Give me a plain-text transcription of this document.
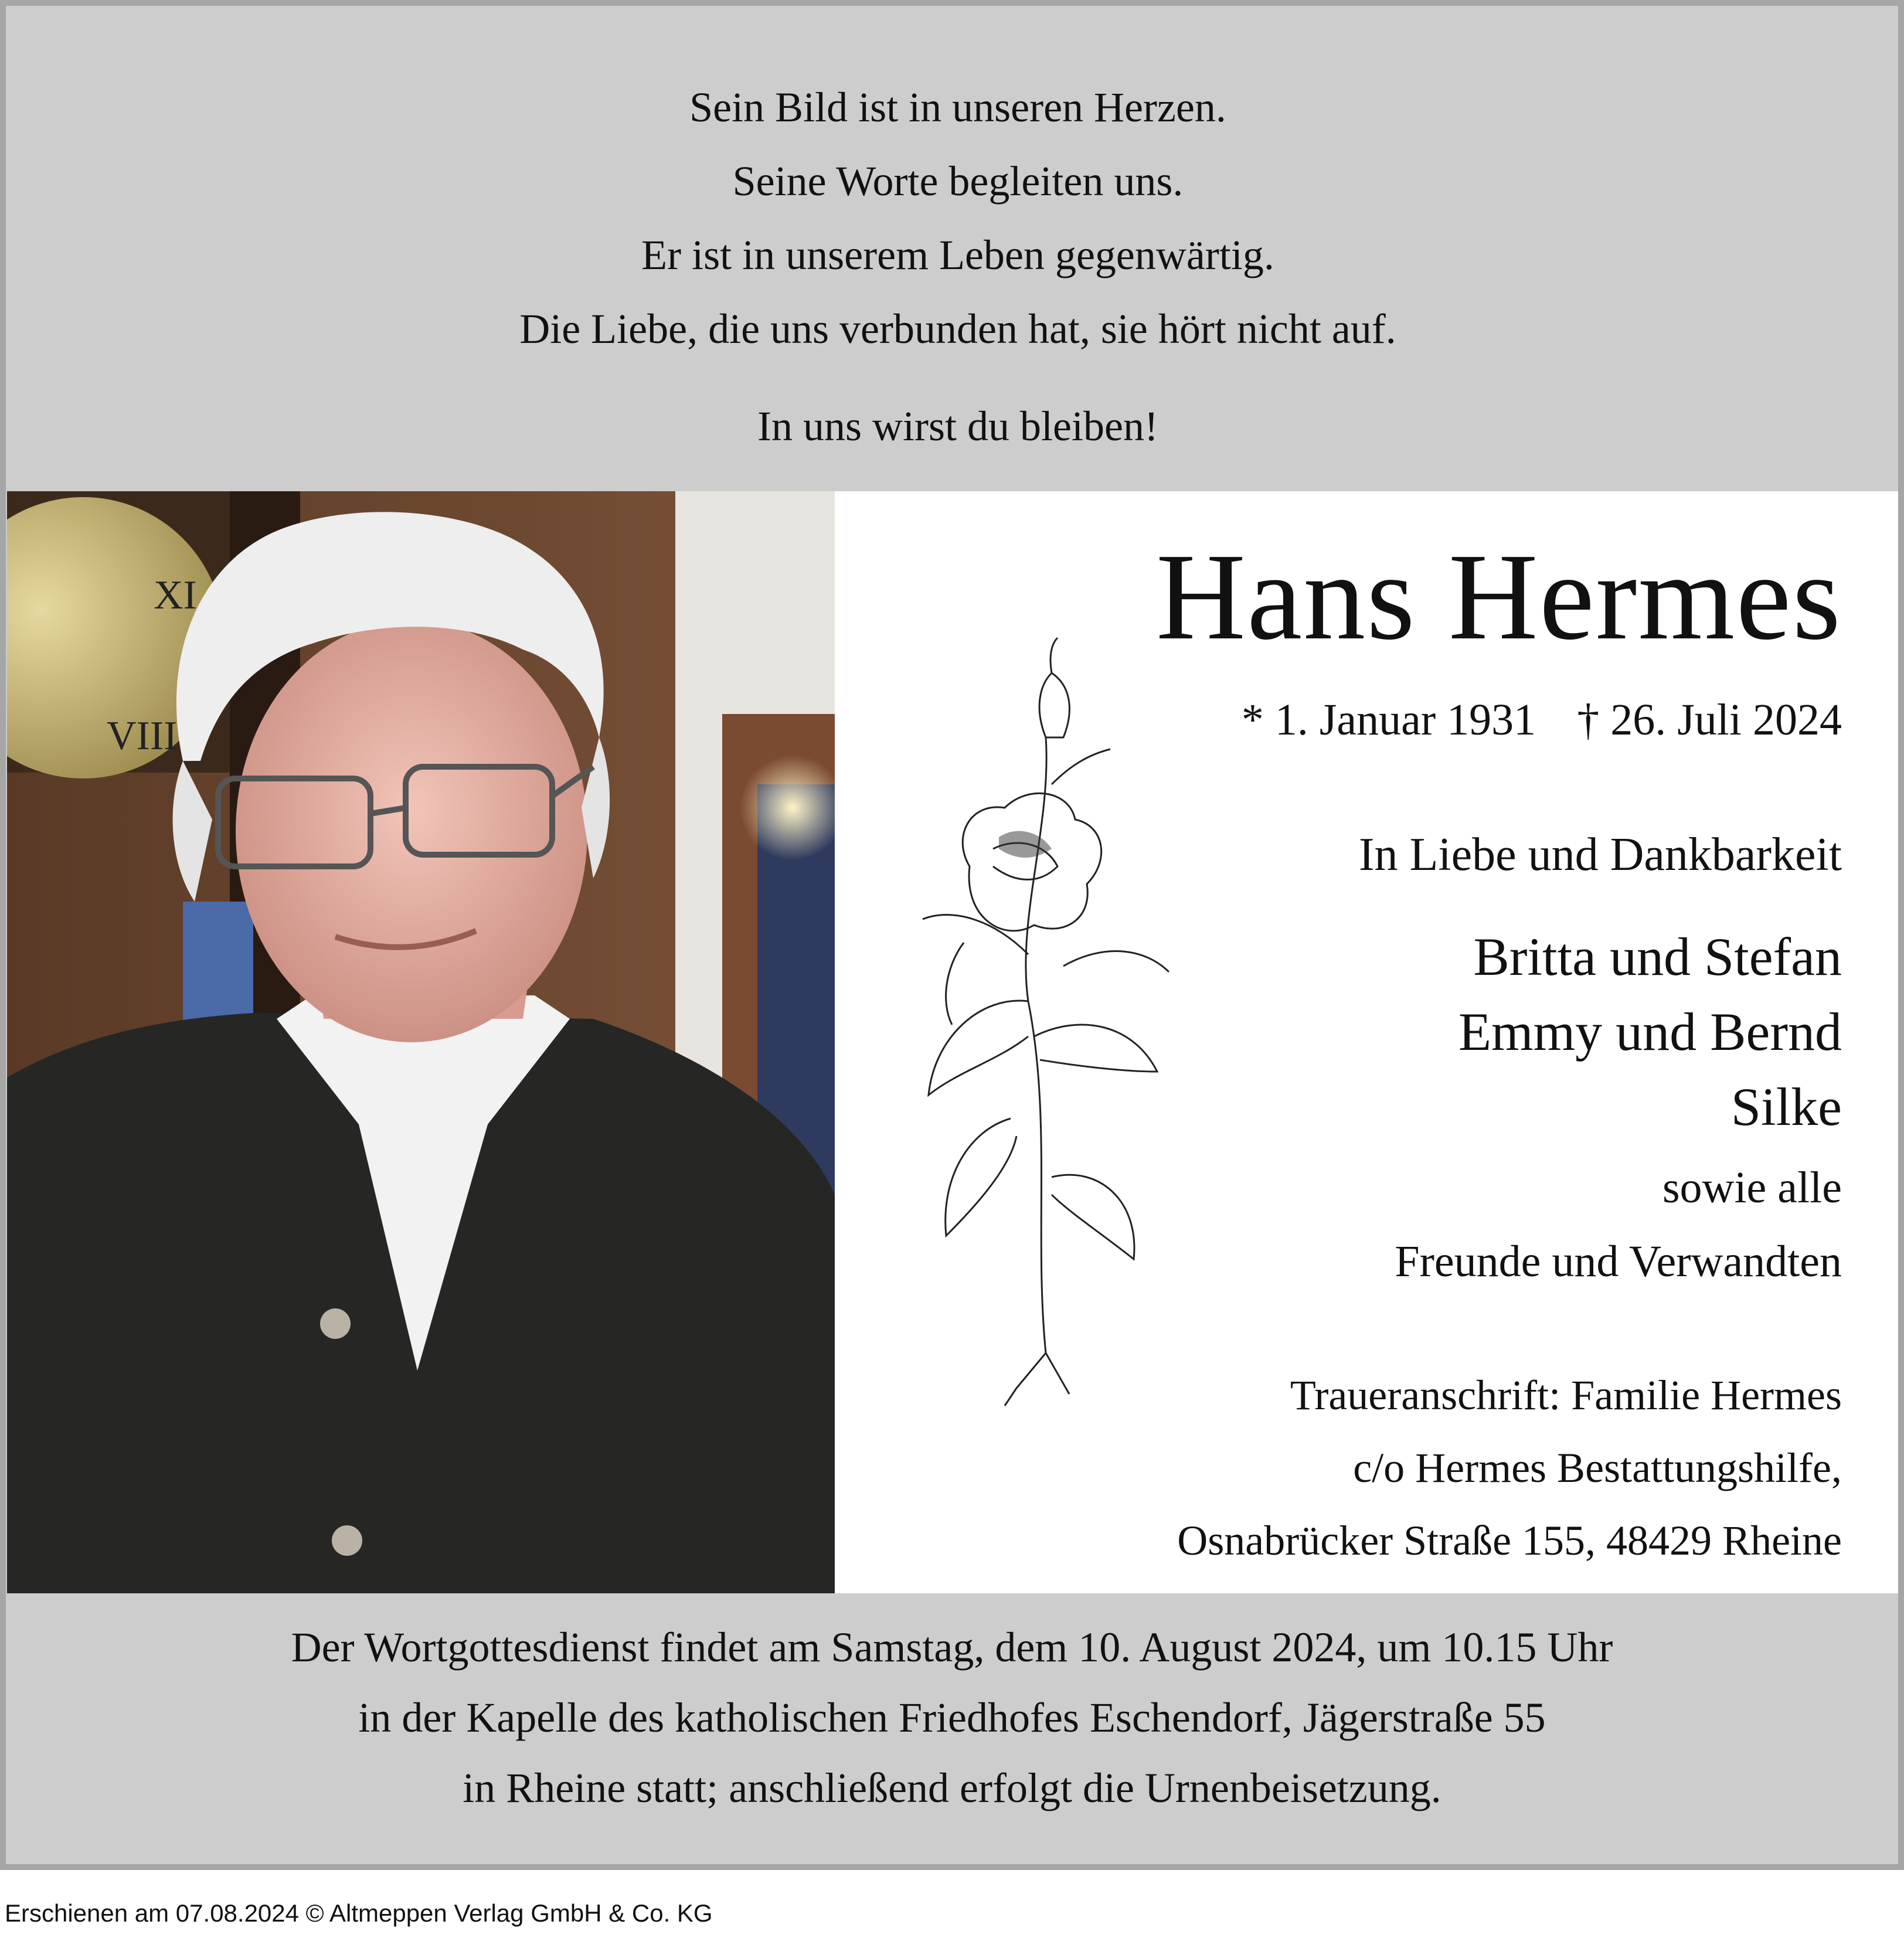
Sein Bild ist in unseren Herzen.
Seine Worte begleiten uns.
Er ist in unserem Leben gegenwärtig.
Die Liebe, die uns verbunden hat, sie hört nicht auf.
In uns wirst du bleiben!
XI
VIII
Hans Hermes
* 1. Januar 1931 † 26. Juli 2024
In Liebe und Dankbarkeit
Britta und Stefan
Emmy und Bernd
Silke
sowie alle
Freunde und Verwandten
Traueranschrift: Familie Hermes
c/o Hermes Bestattungshilfe,
Osnabrücker Straße 155, 48429 Rheine
Der Wortgottesdienst findet am Samstag, dem 10. August 2024, um 10.15 Uhr
in der Kapelle des katholischen Friedhofes Eschendorf, Jägerstraße 55
in Rheine statt; anschließend erfolgt die Urnenbeisetzung.
Erschienen am 07.08.2024 © Altmeppen Verlag GmbH & Co. KG
